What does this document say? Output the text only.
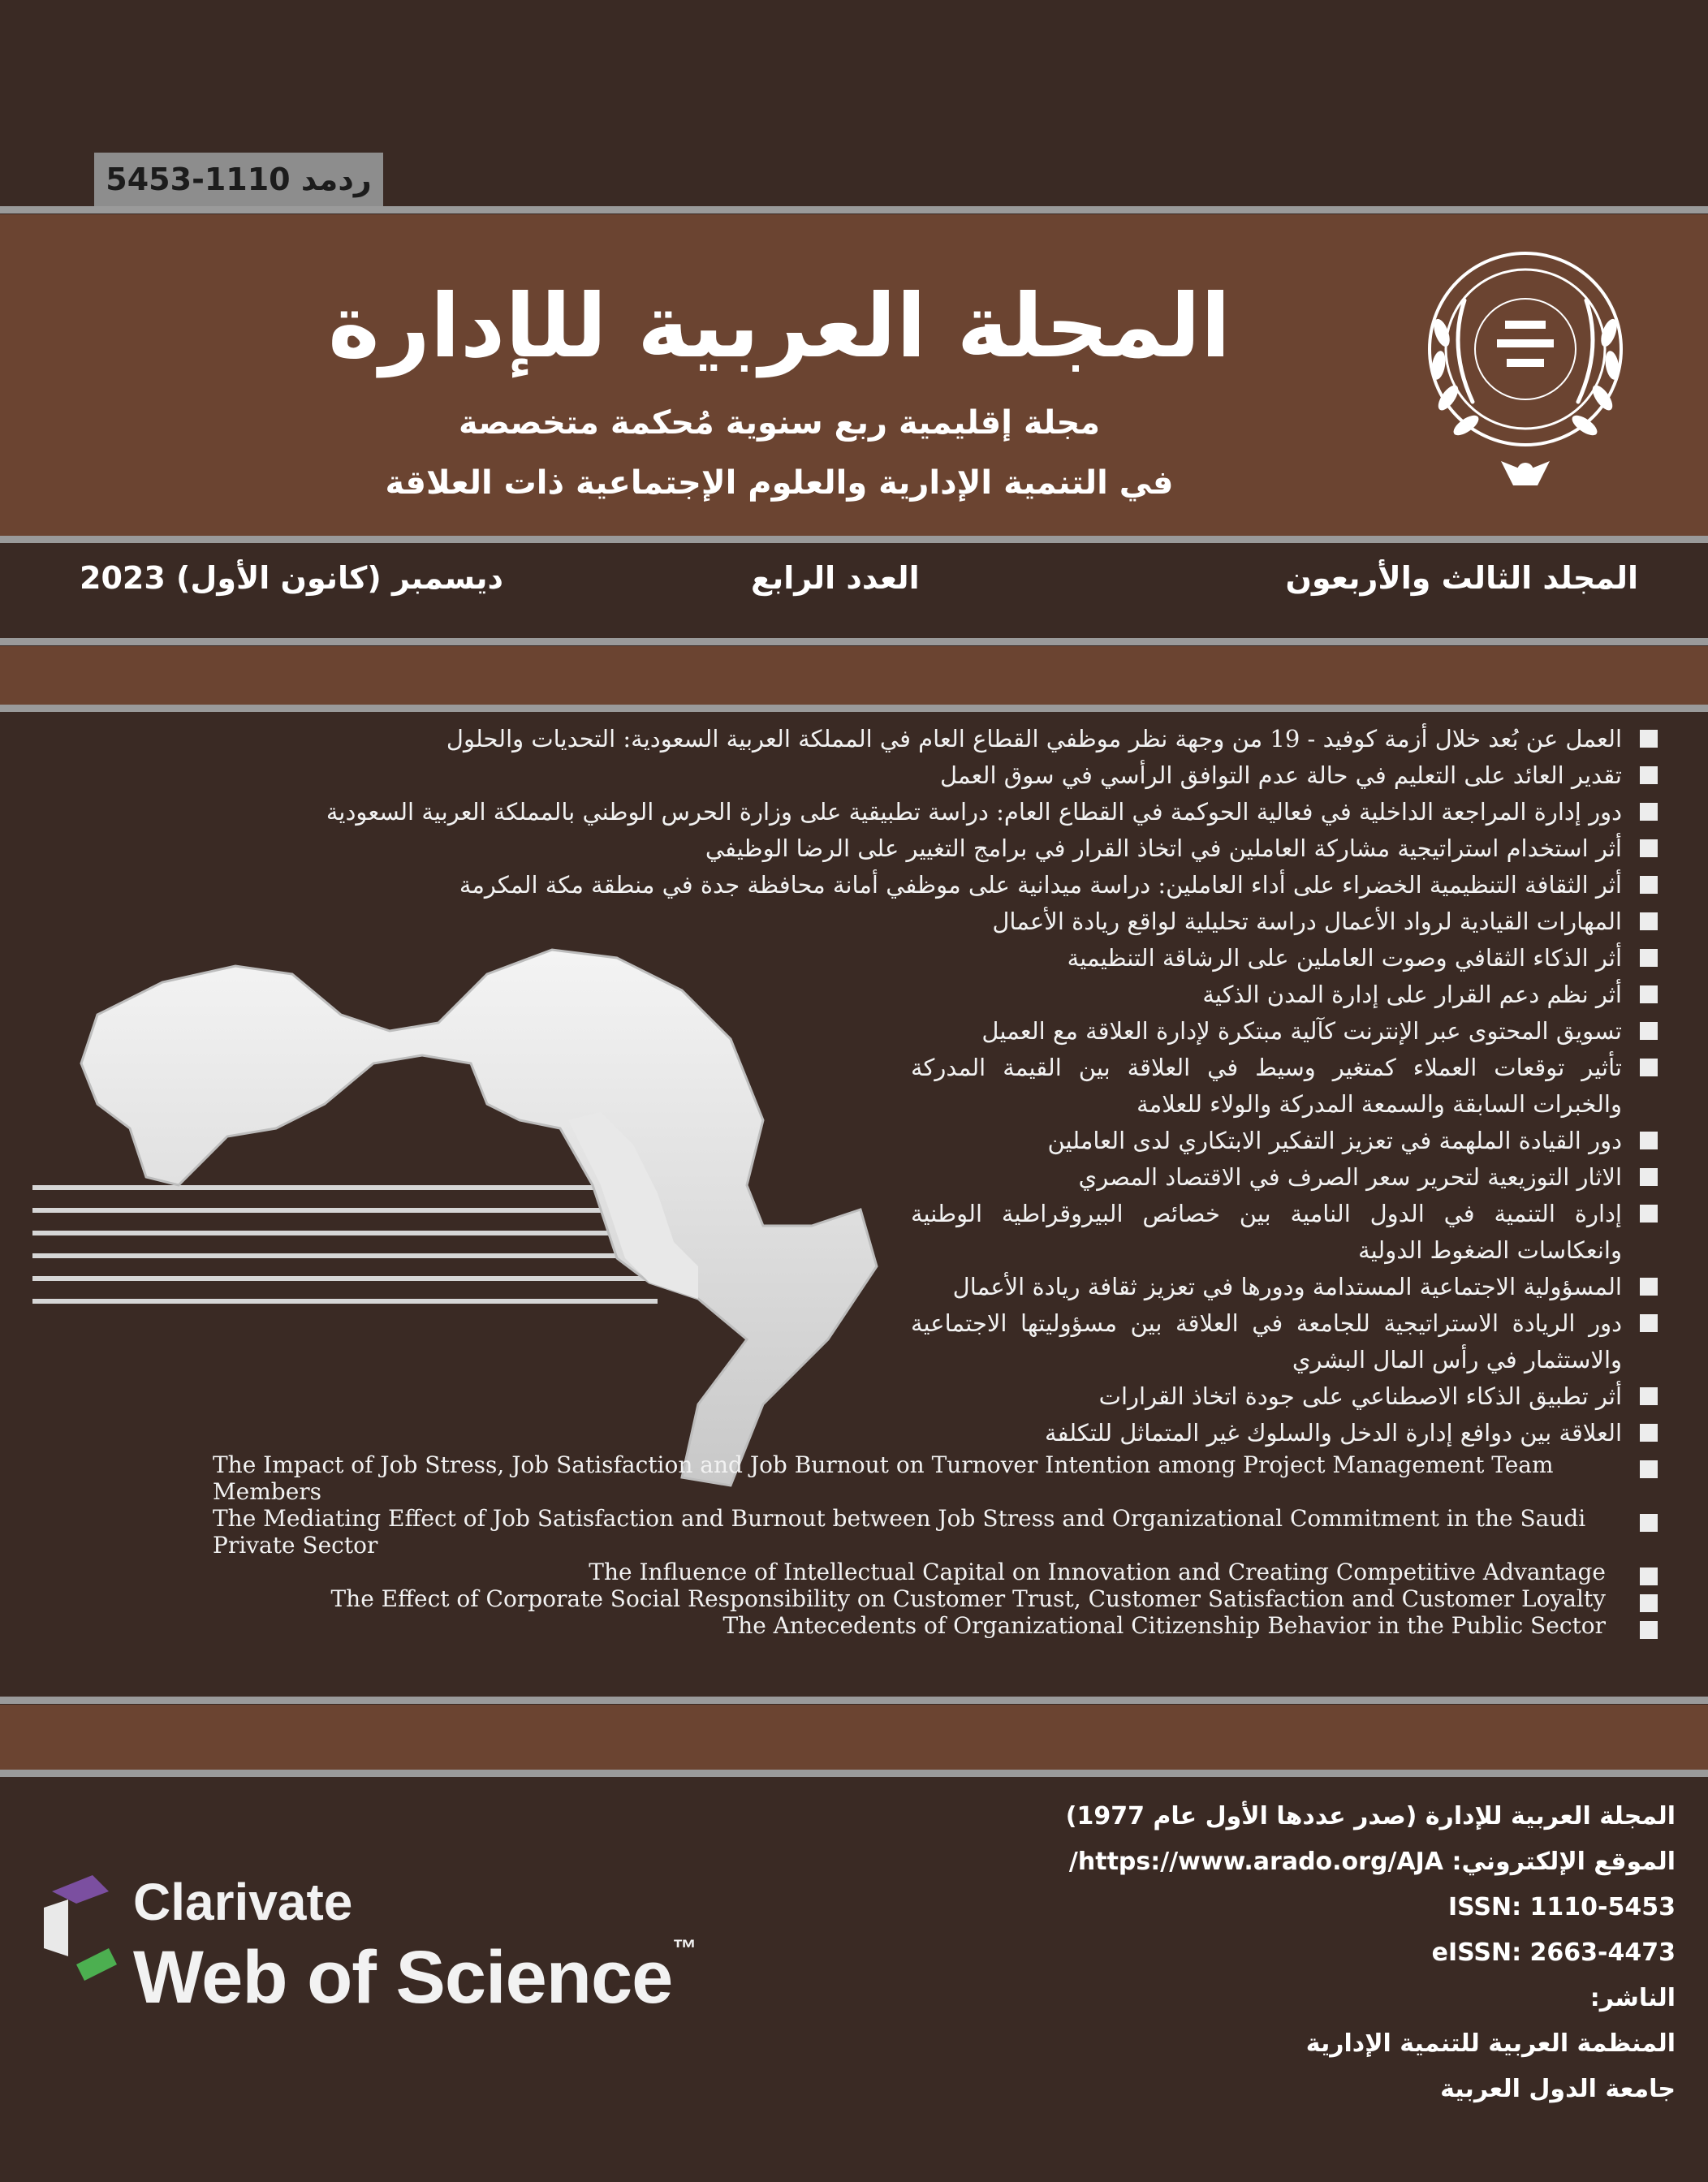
ردمد 1110-5453
المجلة العربية للإدارة
مجلة إقليمية ربع سنوية مُحكمة متخصصة
في التنمية الإدارية والعلوم الإجتماعية ذات العلاقة
المجلد الثالث والأربعون
العدد الرابع
ديسمبر (كانون الأول) 2023
العمل عن بُعد خلال أزمة كوفيد - 19 من وجهة نظر موظفي القطاع العام في المملكة العربية السعودية: التحديات والحلول
تقدير العائد على التعليم في حالة عدم التوافق الرأسي في سوق العمل
دور إدارة المراجعة الداخلية في فعالية الحوكمة في القطاع العام: دراسة تطبيقية على وزارة الحرس الوطني بالمملكة العربية السعودية
أثر استخدام استراتيجية مشاركة العاملين في اتخاذ القرار في برامج التغيير على الرضا الوظيفي
أثر الثقافة التنظيمية الخضراء على أداء العاملين: دراسة ميدانية على موظفي أمانة محافظة جدة في منطقة مكة المكرمة
المهارات القيادية لرواد الأعمال دراسة تحليلية لواقع ريادة الأعمال
أثر الذكاء الثقافي وصوت العاملين على الرشاقة التنظيمية
أثر نظم دعم القرار على إدارة المدن الذكية
تسويق المحتوى عبر الإنترنت كآلية مبتكرة لإدارة العلاقة مع العميل
تأثير توقعات العملاء كمتغير وسيط في العلاقة بين القيمة المدركة والخبرات السابقة والسمعة المدركة والولاء للعلامة
دور القيادة الملهمة في تعزيز التفكير الابتكاري لدى العاملين
الاثار التوزيعية لتحرير سعر الصرف في الاقتصاد المصري
إدارة التنمية في الدول النامية بين خصائص البيروقراطية الوطنية وانعكاسات الضغوط الدولية
المسؤولية الاجتماعية المستدامة ودورها في تعزيز ثقافة ريادة الأعمال
دور الريادة الاستراتيجية للجامعة في العلاقة بين مسؤوليتها الاجتماعية والاستثمار في رأس المال البشري
أثر تطبيق الذكاء الاصطناعي على جودة اتخاذ القرارات
العلاقة بين دوافع إدارة الدخل والسلوك غير المتماثل للتكلفة
The Impact of Job Stress, Job Satisfaction and Job Burnout on Turnover Intention among Project Management Team Members
The Mediating Effect of Job Satisfaction and Burnout between Job Stress and Organizational Commitment in the Saudi Private Sector
The Influence of Intellectual Capital on Innovation and Creating Competitive Advantage
The Effect of Corporate Social Responsibility on Customer Trust, Customer Satisfaction and Customer Loyalty
The Antecedents of Organizational Citizenship Behavior in the Public Sector
Clarivate
Web of Science™
المجلة العربية للإدارة (صدر عددها الأول عام 1977)
الموقع الإلكتروني: https://www.arado.org/AJA/
ISSN: 1110-5453
eISSN: 2663-4473
الناشر:
المنظمة العربية للتنمية الإدارية
جامعة الدول العربية
